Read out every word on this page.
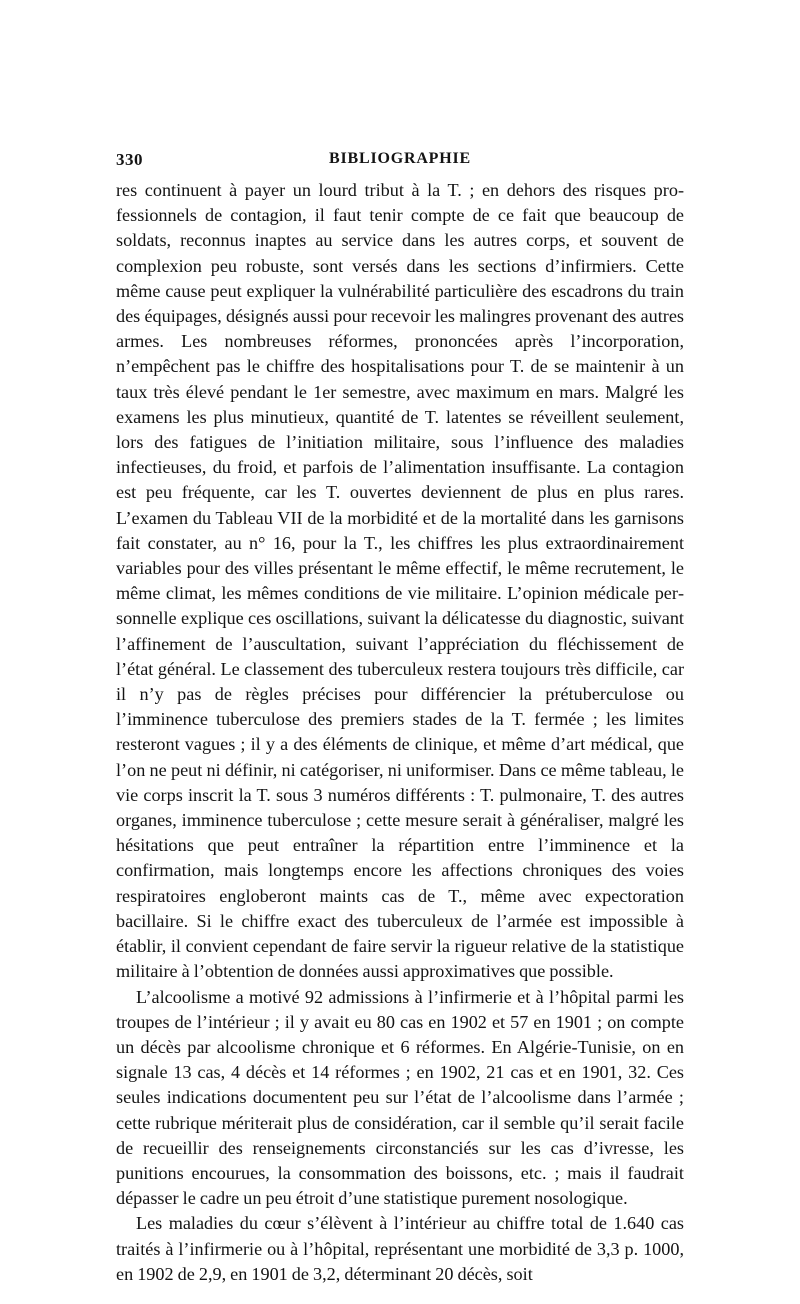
330	BIBLIOGRAPHIE

res continuent à payer un lourd tribut à la T. ; en dehors des risques professionnels de contagion, il faut tenir compte de ce fait que beaucoup de soldats, reconnus inaptes au service dans les autres corps, et souvent de complexion peu robuste, sont versés dans les sections d’infirmiers. Cette même cause peut expliquer la vulnérabilité particulière des escadrons du train des équipages, désignés aussi pour recevoir les malingres provenant des autres armes. Les nombreuses réformes, prononcées après l’incorporation, n’empêchent pas le chiffre des hospitalisations pour T. de se maintenir à un taux très élevé pendant le 1er semestre, avec maximum en mars. Malgré les examens les plus minutieux, quantité de T. latentes se réveillent seulement, lors des fatigues de l’initiation militaire, sous l’influence des maladies infectieuses, du froid, et parfois de l’alimentation insuffisante. La contagion est peu fréquente, car les T. ouvertes deviennent de plus en plus rares. L’examen du Tableau VII de la morbidité et de la mortalité dans les garnisons fait constater, au n° 16, pour la T., les chiffres les plus extraordinairement variables pour des villes présentant le même effectif, le même recrutement, le même climat, les mêmes conditions de vie militaire. L’opinion médicale personnelle explique ces oscillations, suivant la délicatesse du diagnostic, suivant l’affinement de l’auscultation, suivant l’appréciation du fléchissement de l’état général. Le classement des tuberculeux restera toujours très difficile, car il n’y pas de règles précises pour différencier la prétuberculose ou l’imminence tuberculose des premiers stades de la T. fermée ; les limites resteront vagues ; il y a des éléments de clinique, et même d’art médical, que l’on ne peut ni définir, ni catégoriser, ni uniformiser. Dans ce même tableau, le vie corps inscrit la T. sous 3 numéros différents : T. pulmonaire, T. des autres organes, imminence tuberculose ; cette mesure serait à généraliser, malgré les hésitations que peut entraîner la répartition entre l’imminence et la confirmation, mais longtemps encore les affections chroniques des voies respiratoires engloberont maints cas de T., même avec expectoration bacillaire. Si le chiffre exact des tuberculeux de l’armée est impossible à établir, il convient cependant de faire servir la rigueur relative de la statistique militaire à l’obtention de données aussi approximatives que possible.

L’alcoolisme a motivé 92 admissions à l’infirmerie et à l’hôpital parmi les troupes de l’intérieur ; il y avait eu 80 cas en 1902 et 57 en 1901 ; on compte un décès par alcoolisme chronique et 6 réformes. En Algérie-Tunisie, on en signale 13 cas, 4 décès et 14 réformes ; en 1902, 21 cas et en 1901, 32. Ces seules indications documentent peu sur l’état de l’alcoolisme dans l’armée ; cette rubrique mériterait plus de considération, car il semble qu’il serait facile de recueillir des renseignements circonstanciés sur les cas d’ivresse, les punitions encourues, la consommation des boissons, etc. ; mais il faudrait dépasser le cadre un peu étroit d’une statistique purement nosologique.

Les maladies du cœur s’élèvent à l’intérieur au chiffre total de 1.640 cas traités à l’infirmerie ou à l’hôpital, représentant une morbidité de 3,3 p. 1000, en 1902 de 2,9, en 1901 de 3,2, déterminant 20 décès, soit
